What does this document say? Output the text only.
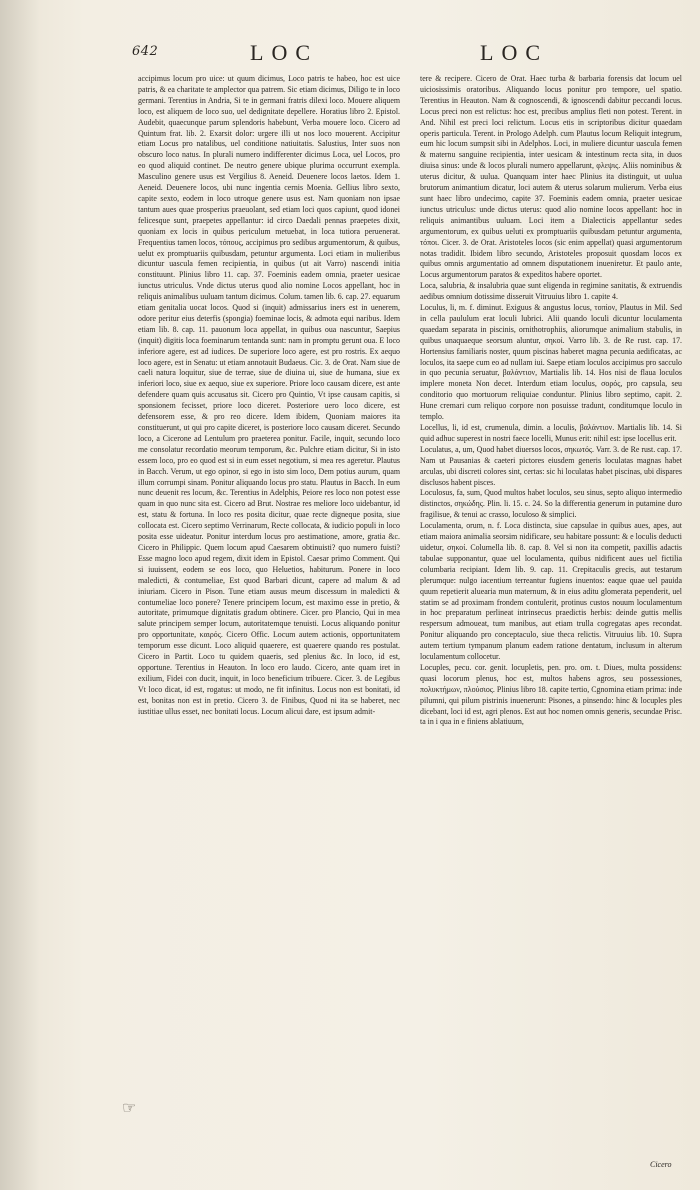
642	LOC	LOC

accipimus locum pro uice: ut quum dicimus, Loco patris te habeo, hoc est uice patris, & ea charitate te amplector qua patrem. Sic etiam dicimus, Diligo te in loco germani. Terentius in Andria, Si te in germani fratris dilexi loco. Mouere aliquem loco, est aliquem de loco suo, uel dedignitate depellere. Horatius libro 2. Epistol. Audebit, quaecunque parum splendoris habebunt, Verba mouere loco. Cicero ad Quintum frat. lib. 2. Exarsit dolor: urgere illi ut nos loco mouerent. Accipitur etiam Locus pro natalibus, uel conditione natiuitatis. Salustius, Inter suos non obscuro loco natus. In plurali numero indifferenter dicimus Loca, uel Locos, pro eo quod aliquid continet. De neutro genere ubique plurima occurrunt exempla. Masculino genere usus est Vergilius 8. Aeneid. Deuenere locos laetos. Idem 1. Aeneid. Deuenere locos, ubi nunc ingentia cernis Moenia. Gellius libro sexto, capite sexto, eodem in loco utroque genere usus est. Nam quoniam non ipsae tantum aues quae prosperius praeuolant, sed etiam loci quos capiunt, quod idonei felicesque sunt, praepetes appellantur: id circo Daedali pennas praepetes dixit, quoniam ex locis in quibus periculum metuebat, in loca tutiora peruenerat. Frequentius tamen locos, τόπους, accipimus pro sedibus argumentorum, & quibus, uelut ex promptuariis quibusdam, petuntur argumenta. Loci etiam in mulieribus dicuntur uascula femen recipientia, in quibus (ut ait Varro) nascendi initia constituunt. Plinius libro 11. cap. 37. Foeminis eadem omnia, praeter uesicae iunctus utriculus. Vnde dictus uterus quod alio nomine Locos appellant, hoc in reliquis animalibus uuluam tantum dicimus. Colum. tamen lib. 6. cap. 27. equarum etiam genitalia uocat locos. Quod si (inquit) admissarius iners est in uenerem, odore peritur eius deterfis (spongia) foeminae locis, & admota equi naribus. Idem etiam lib. 8. cap. 11. pauonum loca appellat, in quibus oua nascuntur, Saepius (inquit) digitis loca foeminarum tentanda sunt: nam in promptu gerunt oua. E loco inferiore agere, est ad iudices. De superiore loco agere, est pro rostris. Ex aequo loco agere, est in Senatu: ut etiam annotauit Budaeus. Cic. 3. de Orat. Nam siue de caeli natura loquitur, siue de terrae, siue de diuina ui, siue de humana, siue ex inferiori loco, siue ex aequo, siue ex superiore. Priore loco causam dicere, est ante defendere quam quis accusatus sit. Cicero pro Quintio, Vt ipse causam capitis, si sponsionem fecisset, priore loco diceret. Posteriore uero loco dicere, est defensorem esse, & pro reo dicere. Idem ibidem, Quoniam maiores ita constituerunt, ut qui pro capite diceret, is posteriore loco causam diceret. Secundo loco, a Cicerone ad Lentulum pro praeterea ponitur. Facile, inquit, secundo loco me consolatur recordatio meorum temporum, &c. Pulchre etiam dicitur, Si in isto essem loco, pro eo quod est si in eum esset negotium, si mea res ageretur. Plautus in Bacch. Verum, ut ego opinor, si ego in isto sim loco, Dem potius aurum, quam illum corrumpi sinam. Ponitur aliquando locus pro statu. Plautus in Bacch. In eum nunc deuenit res locum, &c. Terentius in Adelphis, Peiore res loco non potest esse quam in quo nunc sita est. Cicero ad Brut. Nostrae res meliore loco uidebantur, id est, statu & fortuna. In loco res posita dicitur, quae recte digneque posita, siue collocata est. Cicero septimo Verrinarum, Recte collocata, & iudicio populi in loco posita esse uideatur. Ponitur interdum locus pro aestimatione, amore, gratia &c. Cicero in Philippic. Quem locum apud Caesarem obtinuisti? quo numero fuisti? Esse magno loco apud regem, dixit idem in Epistol. Caesar primo Comment. Qui si iuuissent, eodem se eos loco, quo Heluetios, habiturum. Ponere in loco maledicti, & contumeliae, Est quod Barbari dicunt, capere ad malum & ad iniuriam. Cicero in Pison. Tune etiam ausus meum discessum in maledicti & contumeliae loco ponere? Tenere principem locum, est maximo esse in pretio, & autoritate, primumque dignitatis gradum obtinere. Cicer. pro Plancio, Qui in mea salute principem semper locum, autoritatemque tenuisti. Locus aliquando ponitur pro opportunitate, καιρός. Cicero Offic. Locum autem actionis, opportunitatem temporum esse dicunt. Loco aliquid quaerere, est quaerere quando res postulat. Cicero in Partit. Loco tu quidem quaeris, sed plenius &c. In loco, id est, opportune. Terentius in Heauton. In loco ero laudo. Cicero, ante quam iret in exilium, Fidei con ducit, inquit, in loco beneficium tribuere. Cicer. 3. de Legibus Vt loco dicat, id est, rogatus: ut modo, ne fit infinitus. Locus non est bonitati, id est, bonitas non est in pretio. Cicero 3. de Finibus, Quod ni ita se haberet, nec iustitiae ullus esset, nec bonitati locus. Locum alicui dare, est ipsum admit-

tere & recipere. Cicero de Orat. Haec turba & barbaria forensis dat locum uel uiciosissimis oratoribus. Aliquando locus ponitur pro tempore, uel spatio. Terentius in Heauton. Nam & cognoscendi, & ignoscendi dabitur peccandi locus. Locus preci non est relictus: hoc est, precibus amplius fleti non potest. Terent. in And. Nihil est preci loci relictum. Locus etis in scriptoribus dicitur quaedam operis particula. Terent. in Prologo Adelph. cum Plautus locum Reliquit integrum, eum hic locum sumpsit sibi in Adelphos. Loci, in muliere dicuntur uascula femen & maternu sanguine recipientia, inter uesicam & intestinum recta sita, in duos diuisa sinus: unde & locos plurali numero appellarunt, φλεψις. Aliis nominibus & uterus dicitur, & uulua. Quanquam inter haec Plinius ita distinguit, ut uulua brutorum animantium dicatur, loci autem & uterus solarum mulierum. Verba eius sunt haec libro undecimo, capite 37. Foeminis eadem omnia, praeter uesicae iunctus utriculus: unde dictus uterus: quod alio nomine locos appellant: hoc in reliquis animantibus uuluam. Loci item a Dialecticis appellantur sedes argumentorum, ex quibus ueluti ex promptuariis quibusdam petuntur argumenta, τόποι. Cicer. 3. de Orat. Aristoteles locos (sic enim appellat) quasi argumentorum notas tradidit. Ibidem libro secundo, Aristoteles proposuit quosdam locos ex quibus omnis argumentatio ad omnem disputationem inueniretur. Et paulo ante, Locus argumentorum paratos & expeditos habere oportet.

Loca, salubria, & insalubria quae sunt eligenda in regimine sanitatis, & extruendis aedibus omnium dotissime disseruit Vitruuius libro 1. capite 4.

Loculus, li, m. f. diminut. Exiguus & angustus locus, τοπίον, Plautus in Mil. Sed in cella paululum erat loculi lubrici. Alii quando loculi dicuntur loculamenta quaedam separata in piscinis, ornithotrophiis, aliorumque animalium stabulis, in quibus unaquaeque seorsum aluntur, σηκοί. Varro lib. 3. de Re rust. cap. 17. Hortensius familiaris noster, quum piscinas haberet magna pecunia aedificatas, ac loculos, ita saepe cum eo ad nullam iui. Saepe etiam loculos accipimus pro sacculo in quo pecunia seruatur, βαλάντιον, Martialis lib. 14. Hos nisi de flaua loculos implere moneta Non decet. Interdum etiam loculus, σορός, pro capsula, seu conditorio quo mortuorum reliquiae conduntur. Plinius libro septimo, capit. 2. Hune cremari cum reliquo corpore non posuisse tradunt, conditumque loculo in templo.

Locellus, li, id est, crumenula, dimin. a loculis, βαλάντιον. Martialis lib. 14. Si quid adhuc superest in nostri faece locelli, Munus erit: nihil est: ipse locellus erit.

Loculatus, a, um, Quod habet diuersos locos, σηκωτός. Varr. 3. de Re rust. cap. 17. Nam ut Pausanias & caeteri pictores eiusdem generis loculatas magnas habet arculas, ubi discreti colores sint, certas: sic hi loculatas habet piscinas, ubi dispares disclusos habent pisces.

Loculosus, fa, sum, Quod multos habet loculos, seu sinus, septo aliquo intermedio distinctos, σηκώδης. Plin. li. 15. c. 24. So la differentia generum in putamine duro fragilisue, & tenui ac crasso, loculoso & simplici.

Loculamenta, orum, n. f. Loca distincta, siue capsulae in quibus aues, apes, aut etiam maiora animalia seorsim nidificare, seu habitare possunt: & e loculis deducti uidetur, σηκοί. Columella lib. 8. cap. 8. Vel si non ita competit, paxillis adactis tabulae supponantur, quae uel loculamenta, quibus nidificent aues uel fictilia columbaria recipiant. Idem lib. 9. cap. 11. Crepitaculis grecis, aut testarum plerumque: nulgo iacentium terreantur fugiens inuentos: eaque quae uel pauida quum repetierit aluearia mun maternum, & in eius aditu glomerata pependerit, uel statim se ad proximam frondem contulerit, protinus custos nouum loculamentum in hoc preparatum perlineat intrinsecus praedictis herbis: deinde guttis mellis respersum admoueat, tum manibus, aut etiam trulla cogregatas apes recondat. Ponitur aliquando pro conceptaculo, siue theca relictis. Vitruuius lib. 10. Supra autem tertium tympanum planum eadem ratione dentatum, inclusum in alterum loculamentum collocetur.

Locuples, pecu. cor. genit. locupletis, pen. pro. om. t. Diues, multa possidens: quasi locorum plenus, hoc est, multos habens agros, seu possessiones, πολυκτήμων, πλούσιος. Plinius libro 18. capite tertio, Cgnomina etiam prima: inde pilumni, qui pilum pistrinis inuenerunt: Pisones, a pinsendo: hinc & locuples ples dicebant, loci id est, agri plenos. Est aut hoc nomen omnis generis, secundae Prisc. ta in i qua in e finiens ablatiuum,

☞
Cicero
